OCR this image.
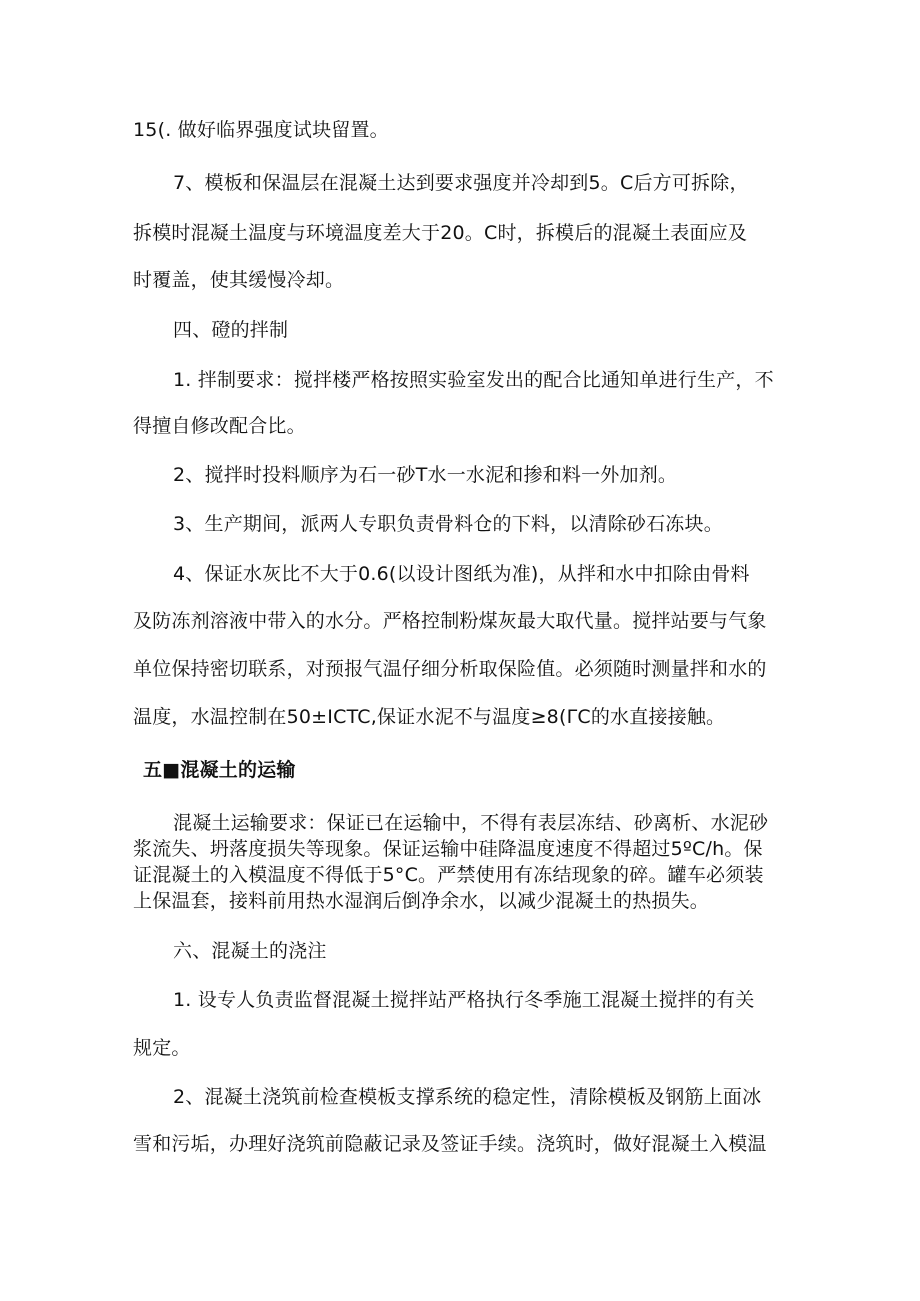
15(. 做好临界强度试块留置。
7、模板和保温层在混凝土达到要求强度并冷却到5。C后方可拆除，
拆模时混凝土温度与环境温度差大于20。C时，拆模后的混凝土表面应及
时覆盖，使其缓慢冷却。
四、磴的拌制
1. 拌制要求：搅拌楼严格按照实验室发出的配合比通知单进行生产，不
得擅自修改配合比。
2、搅拌时投料顺序为石一砂T水一水泥和掺和料一外加剂。
3、生产期间，派两人专职负责骨料仓的下料，以清除砂石冻块。
4、保证水灰比不大于0.6(以设计图纸为准)，从拌和水中扣除由骨料
及防冻剂溶液中带入的水分。严格控制粉煤灰最大取代量。搅拌站要与气象
单位保持密切联系，对预报气温仔细分析取保险值。必须随时测量拌和水的
温度，水温控制在50±ICTC,保证水泥不与温度≥8(ΓC的水直接接触。
五■混凝土的运输
混凝土运输要求：保证已在运输中，不得有表层冻结、砂离析、水泥砂
浆流失、坍落度损失等现象。保证运输中硅降温度速度不得超过5ºC∕h。保
证混凝土的入模温度不得低于5°C。严禁使用有冻结现象的碎。罐车必须装
上保温套，接料前用热水湿润后倒净余水，以减少混凝土的热损失。
六、混凝土的浇注
1. 设专人负责监督混凝土搅拌站严格执行冬季施工混凝土搅拌的有关
规定。
2、混凝土浇筑前检查模板支撑系统的稳定性，清除模板及钢筋上面冰
雪和污垢，办理好浇筑前隐蔽记录及签证手续。浇筑时，做好混凝土入模温
